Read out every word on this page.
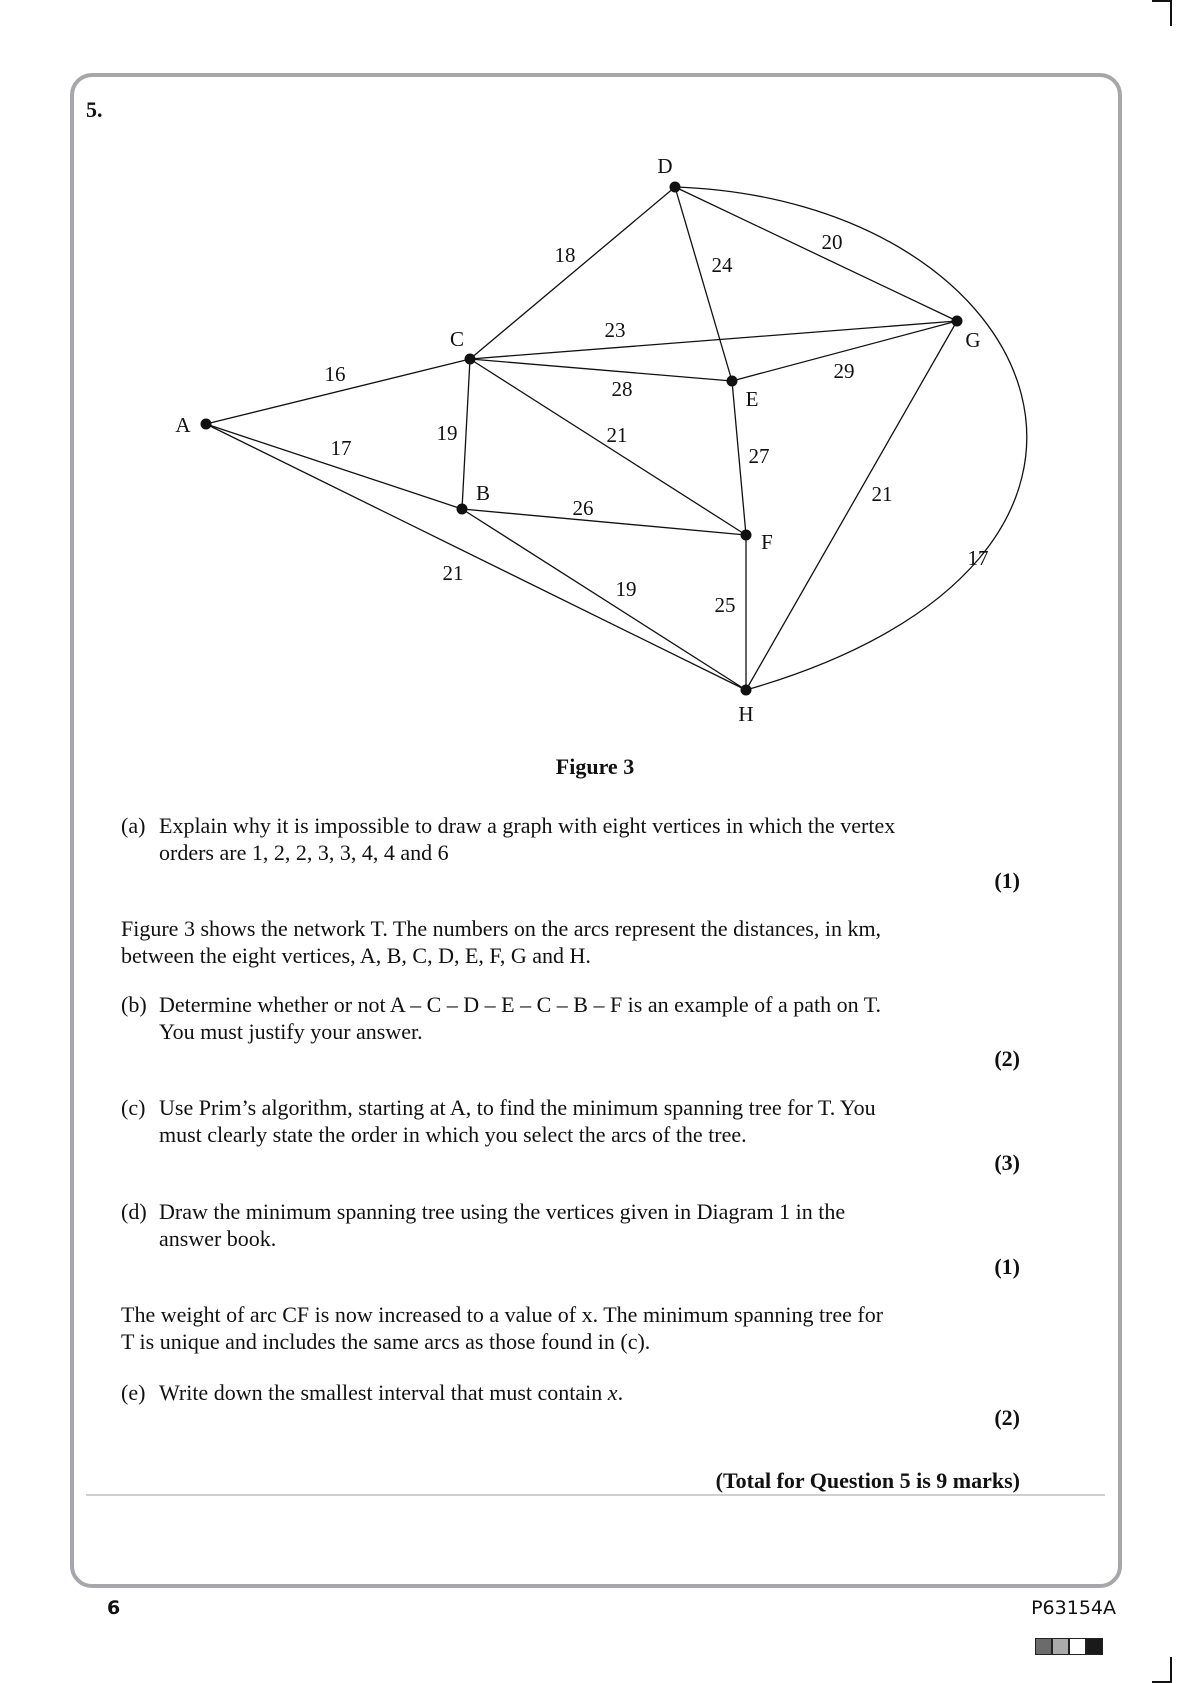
5.
16
17
21
18
19
23
28
21
24
20
17
29
27
26
19
25
21
A
B
C
D
E
F
G
H
Figure 3
(a) Explain why it is impossible to draw a graph with eight vertices in which the vertex
orders are 1, 2, 2, 3, 3, 4, 4 and 6
(1)
Figure 3 shows the network T. The numbers on the arcs represent the distances, in km,
between the eight vertices, A, B, C, D, E, F, G and H.
(b) Determine whether or not A – C – D – E – C – B – F is an example of a path on T.
You must justify your answer.
(2)
(c) Use Prim’s algorithm, starting at A, to find the minimum spanning tree for T. You
must clearly state the order in which you select the arcs of the tree.
(3)
(d) Draw the minimum spanning tree using the vertices given in Diagram 1 in the
answer book.
(1)
The weight of arc CF is now increased to a value of x. The minimum spanning tree for
T is unique and includes the same arcs as those found in (c).
(e) Write down the smallest interval that must contain x.
(2)
(Total for Question 5 is 9 marks)
6	P63154A
